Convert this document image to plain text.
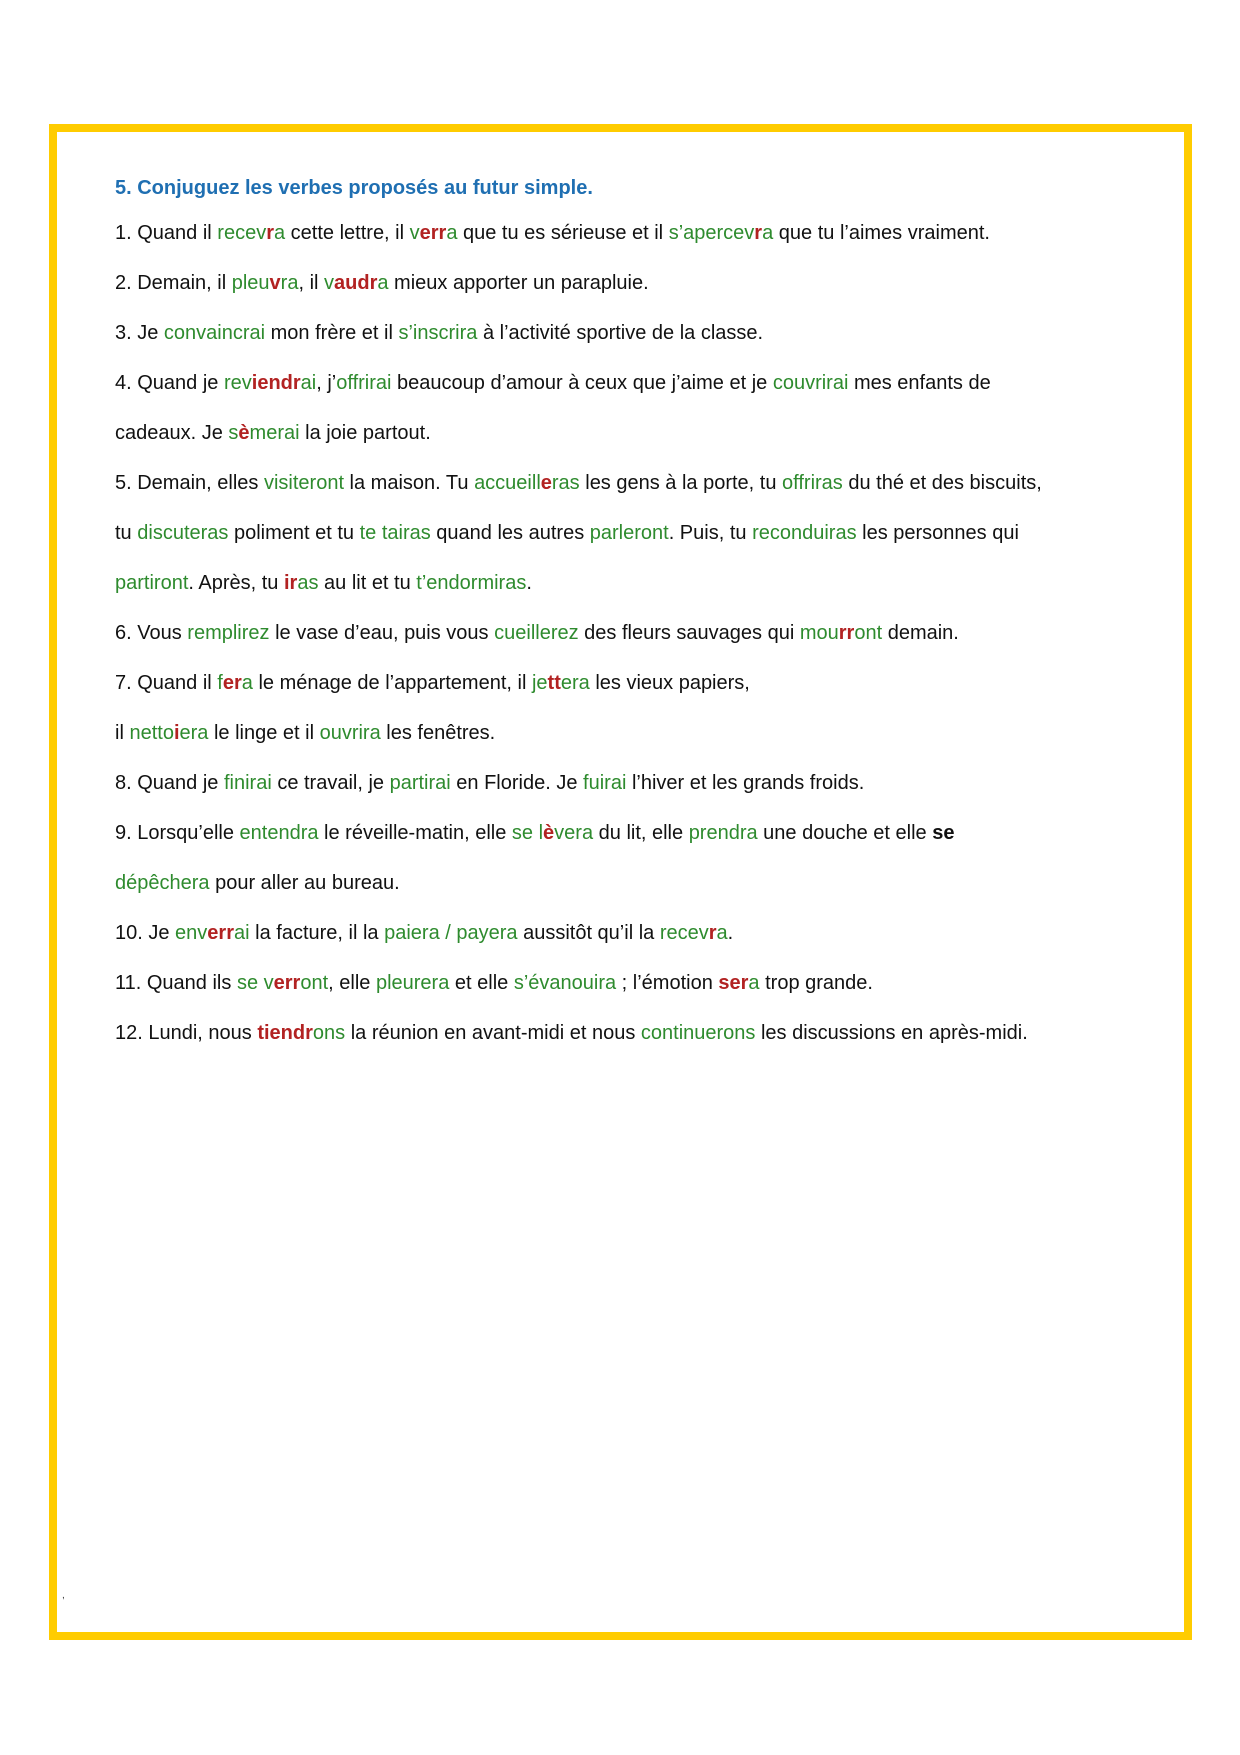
5. Conjuguez les verbes proposés au futur simple.
1. Quand il recevra cette lettre, il verra que tu es sérieuse et il s’apercevra que tu l’aimes vraiment.
2. Demain, il pleuvra, il vaudra mieux apporter un parapluie.
3. Je convaincrai mon frère et il s’inscrira à l’activité sportive de la classe.
4. Quand je reviendrai, j’offrirai beaucoup d’amour à ceux que j’aime et je couvrirai mes enfants de
cadeaux. Je sèmerai la joie partout.
5. Demain, elles visiteront la maison. Tu accueilleras les gens à la porte, tu offriras du thé et des biscuits,
tu discuteras poliment et tu te tairas quand les autres parleront. Puis, tu reconduiras les personnes qui
partiront. Après, tu iras au lit et tu t’endormiras.
6. Vous remplirez le vase d’eau, puis vous cueillerez des fleurs sauvages qui mourront demain.
7. Quand il fera le ménage de l’appartement, il jettera les vieux papiers,
il nettoiera le linge et il ouvrira les fenêtres.
8. Quand je finirai ce travail, je partirai en Floride. Je fuirai l’hiver et les grands froids.
9. Lorsqu’elle entendra le réveille-matin, elle se lèvera du lit, elle prendra une douche et elle se
dépêchera pour aller au bureau.
10. Je enverrai la facture, il la paiera / payera aussitôt qu’il la recevra.
11. Quand ils se verront, elle pleurera et elle s’évanouira ; l’émotion sera trop grande.
12. Lundi, nous tiendrons la réunion en avant-midi et nous continuerons les discussions en après-midi.
,
